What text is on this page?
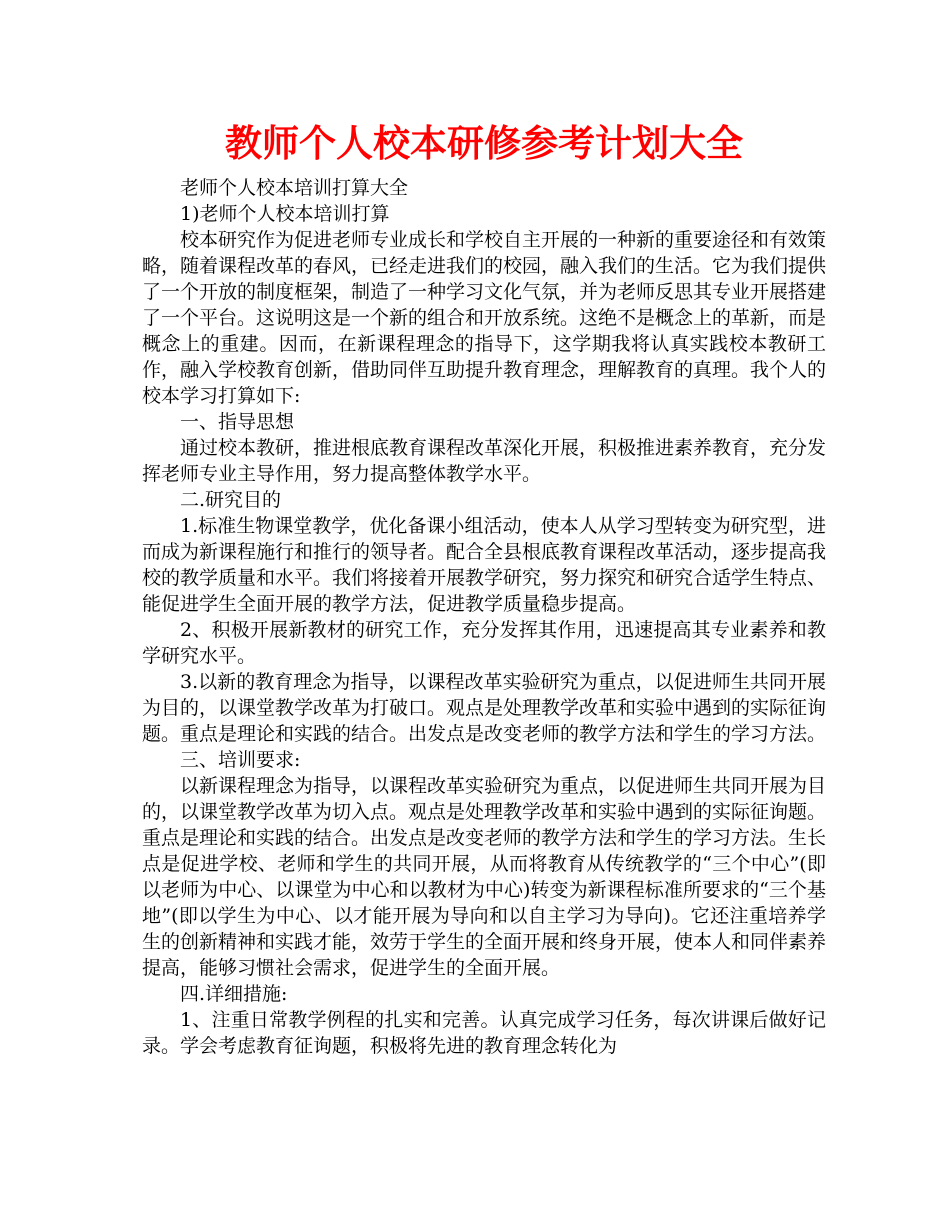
教师个人校本研修参考计划大全

老师个人校本培训打算大全

1)老师个人校本培训打算

校本研究作为促进老师专业成长和学校自主开展的一种新的重要途径和有效策略，随着课程改革的春风，已经走进我们的校园，融入我们的生活。它为我们提供了一个开放的制度框架，制造了一种学习文化气氛，并为老师反思其专业开展搭建了一个平台。这说明这是一个新的组合和开放系统。这绝不是概念上的革新，而是概念上的重建。因而，在新课程理念的指导下，这学期我将认真实践校本教研工作，融入学校教育创新，借助同伴互助提升教育理念，理解教育的真理。我个人的校本学习打算如下:

一、指导思想

通过校本教研，推进根底教育课程改革深化开展，积极推进素养教育，充分发挥老师专业主导作用，努力提高整体教学水平。

二.研究目的

1.标准生物课堂教学，优化备课小组活动，使本人从学习型转变为研究型，进而成为新课程施行和推行的领导者。配合全县根底教育课程改革活动，逐步提高我校的教学质量和水平。我们将接着开展教学研究，努力探究和研究合适学生特点、能促进学生全面开展的教学方法，促进教学质量稳步提高。

2、积极开展新教材的研究工作，充分发挥其作用，迅速提高其专业素养和教学研究水平。

3.以新的教育理念为指导，以课程改革实验研究为重点，以促进师生共同开展为目的，以课堂教学改革为打破口。观点是处理教学改革和实验中遇到的实际征询题。重点是理论和实践的结合。出发点是改变老师的教学方法和学生的学习方法。

三、培训要求:

以新课程理念为指导，以课程改革实验研究为重点，以促进师生共同开展为目的，以课堂教学改革为切入点。观点是处理教学改革和实验中遇到的实际征询题。重点是理论和实践的结合。出发点是改变老师的教学方法和学生的学习方法。生长点是促进学校、老师和学生的共同开展，从而将教育从传统教学的“三个中心”(即以老师为中心、以课堂为中心和以教材为中心)转变为新课程标准所要求的“三个基地”(即以学生为中心、以才能开展为导向和以自主学习为导向)。它还注重培养学生的创新精神和实践才能，效劳于学生的全面开展和终身开展，使本人和同伴素养提高，能够习惯社会需求，促进学生的全面开展。

四.详细措施:

1、注重日常教学例程的扎实和完善。认真完成学习任务，每次讲课后做好记录。学会考虑教育征询题，积极将先进的教育理念转化为
